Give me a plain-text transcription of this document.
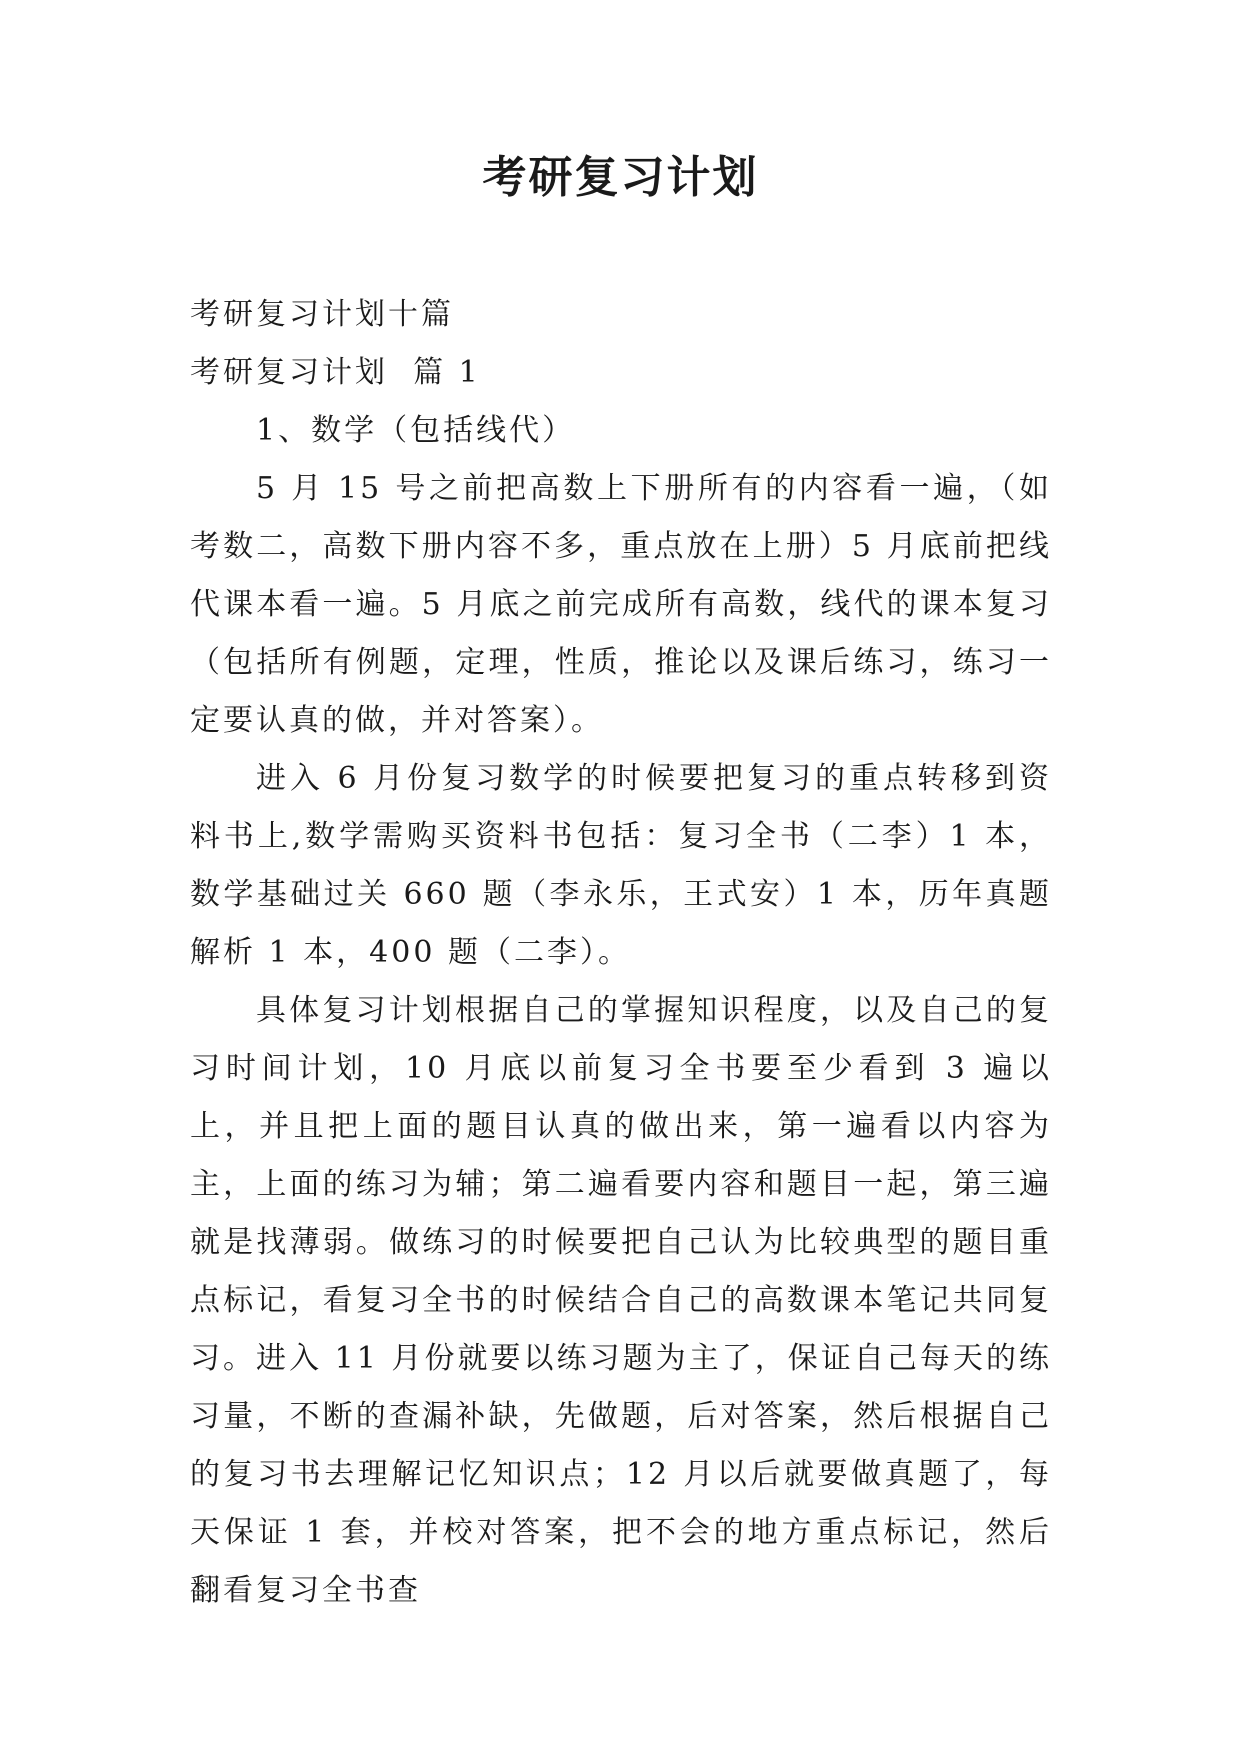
考研复习计划

考研复习计划十篇

考研复习计划  篇 1

1、数学（包括线代）

5 月 15 号之前把高数上下册所有的内容看一遍，（如考数二，高数下册内容不多，重点放在上册）5 月底前把线代课本看一遍。5 月底之前完成所有高数，线代的课本复习（包括所有例题，定理，性质，推论以及课后练习，练习一定要认真的做，并对答案）。

进入 6 月份复习数学的时候要把复习的重点转移到资料书上,数学需购买资料书包括：复习全书（二李）1 本，数学基础过关 660 题（李永乐，王式安）1 本，历年真题解析 1 本，400 题（二李）。

具体复习计划根据自己的掌握知识程度，以及自己的复习时间计划，10 月底以前复习全书要至少看到 3 遍以上，并且把上面的题目认真的做出来，第一遍看以内容为主，上面的练习为辅；第二遍看要内容和题目一起，第三遍就是找薄弱。做练习的时候要把自己认为比较典型的题目重点标记，看复习全书的时候结合自己的高数课本笔记共同复习。进入 11 月份就要以练习题为主了，保证自己每天的练习量，不断的查漏补缺，先做题，后对答案，然后根据自己的复习书去理解记忆知识点；12 月以后就要做真题了，每天保证 1 套，并校对答案，把不会的地方重点标记，然后翻看复习全书查
